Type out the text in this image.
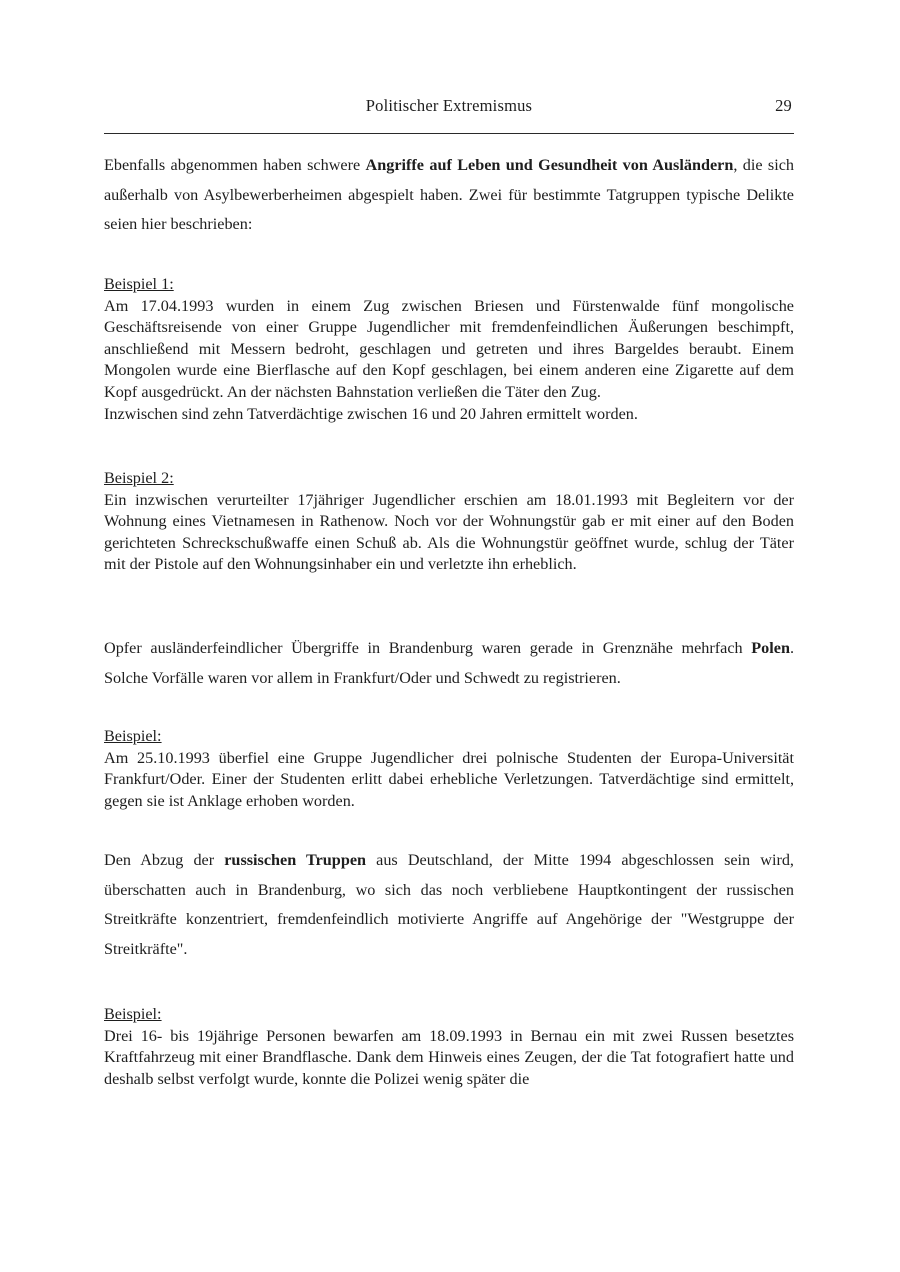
Politischer Extremismus	29
Ebenfalls abgenommen haben schwere Angriffe auf Leben und Gesundheit von Ausländern, die sich außerhalb von Asylbewerberheimen abgespielt haben. Zwei für bestimmte Tatgruppen typische Delikte seien hier beschrieben:
Beispiel 1:

Am 17.04.1993 wurden in einem Zug zwischen Briesen und Fürstenwalde fünf mongolische Geschäftsreisende von einer Gruppe Jugendlicher mit fremdenfeindlichen Äußerungen beschimpft, anschließend mit Messern bedroht, geschlagen und getreten und ihres Bargeldes beraubt. Einem Mongolen wurde eine Bierflasche auf den Kopf geschlagen, bei einem anderen eine Zigarette auf dem Kopf ausgedrückt. An der nächsten Bahnstation verließen die Täter den Zug.

Inzwischen sind zehn Tatverdächtige zwischen 16 und 20 Jahren ermittelt worden.

Beispiel 2:

Ein inzwischen verurteilter 17jähriger Jugendlicher erschien am 18.01.1993 mit Begleitern vor der Wohnung eines Vietnamesen in Rathenow. Noch vor der Wohnungstür gab er mit einer auf den Boden gerichteten Schreckschußwaffe einen Schuß ab. Als die Wohnungstür geöffnet wurde, schlug der Täter mit der Pistole auf den Wohnungsinhaber ein und verletzte ihn erheblich.

Opfer ausländerfeindlicher Übergriffe in Brandenburg waren gerade in Grenznähe mehrfach Polen. Solche Vorfälle waren vor allem in Frankfurt/Oder und Schwedt zu registrieren.
Beispiel:

Am 25.10.1993 überfiel eine Gruppe Jugendlicher drei polnische Studenten der Europa-Universität Frankfurt/Oder. Einer der Studenten erlitt dabei erhebliche Verletzungen. Tatverdächtige sind ermittelt, gegen sie ist Anklage erhoben worden.

Den Abzug der russischen Truppen aus Deutschland, der Mitte 1994 abgeschlossen sein wird, überschatten auch in Brandenburg, wo sich das noch verbliebene Hauptkontingent der russischen Streitkräfte konzentriert, fremdenfeindlich motivierte Angriffe auf Angehörige der "Westgruppe der Streitkräfte".
Beispiel:

Drei 16- bis 19jährige Personen bewarfen am 18.09.1993 in Bernau ein mit zwei Russen besetztes Kraftfahrzeug mit einer Brandflasche. Dank dem Hinweis eines Zeugen, der die Tat fotografiert hatte und deshalb selbst verfolgt wurde, konnte die Polizei wenig später die
